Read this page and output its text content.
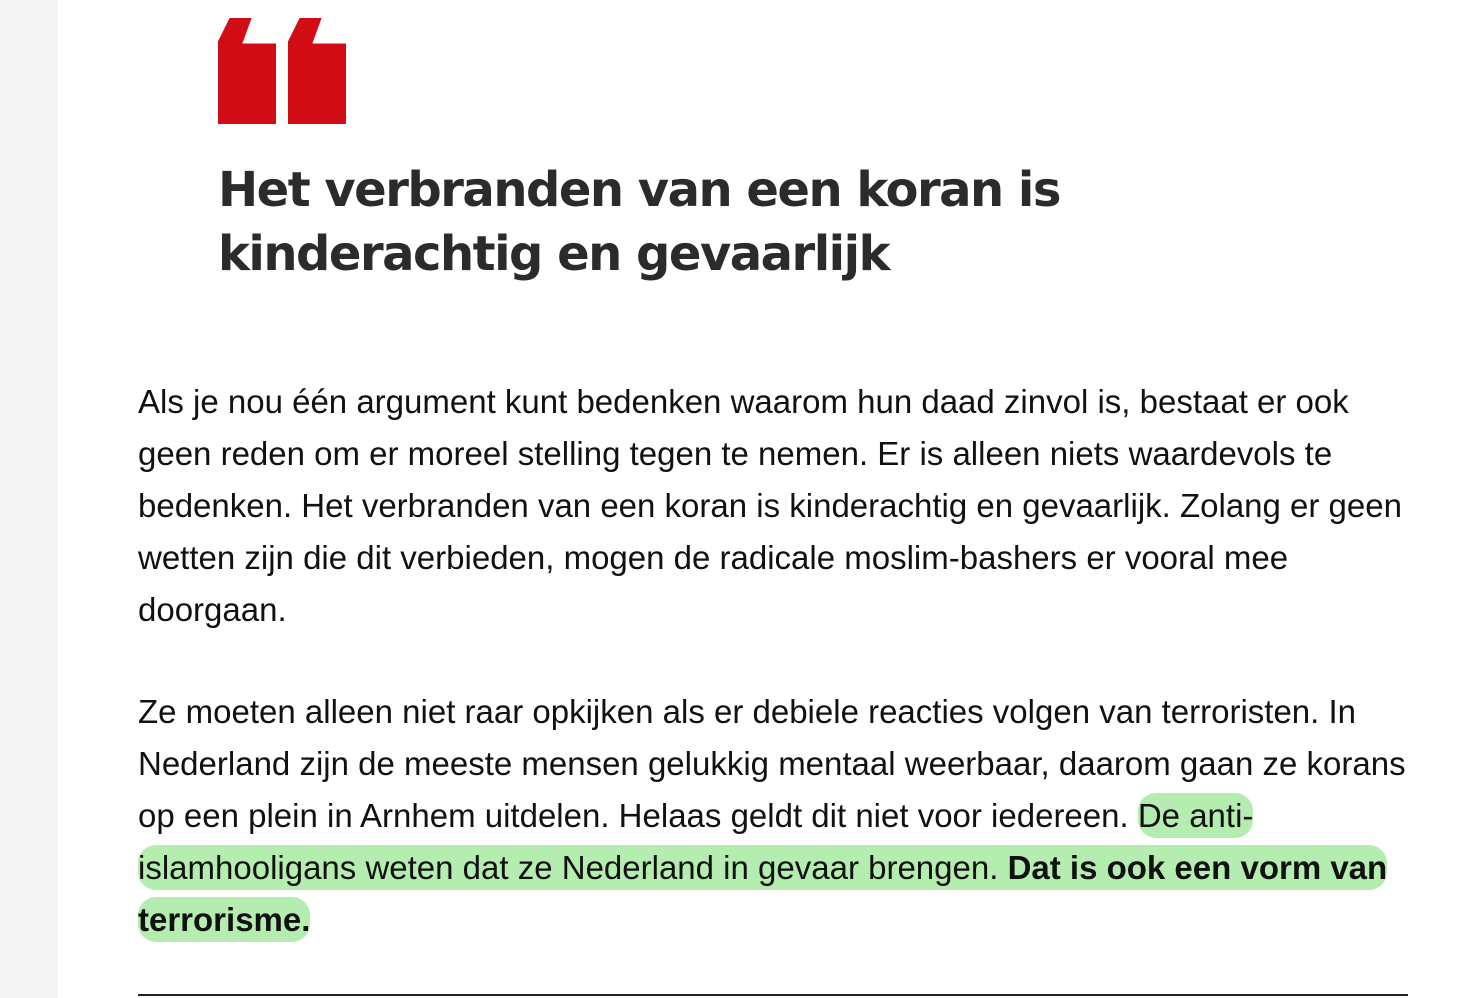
Het verbranden van een koran is kinderachtig en gevaarlijk

Als je nou één argument kunt bedenken waarom hun daad zinvol is, bestaat er ook geen reden om er moreel stelling tegen te nemen. Er is alleen niets waardevols te bedenken. Het verbranden van een koran is kinderachtig en gevaarlijk. Zolang er geen wetten zijn die dit verbieden, mogen de radicale moslim-bashers er vooral mee doorgaan.

Ze moeten alleen niet raar opkijken als er debiele reacties volgen van terroristen. In Nederland zijn de meeste mensen gelukkig mentaal weerbaar, daarom gaan ze korans op een plein in Arnhem uitdelen. Helaas geldt dit niet voor iedereen. De anti-islamhooligans weten dat ze Nederland in gevaar brengen. Dat is ook een vorm van terrorisme.
